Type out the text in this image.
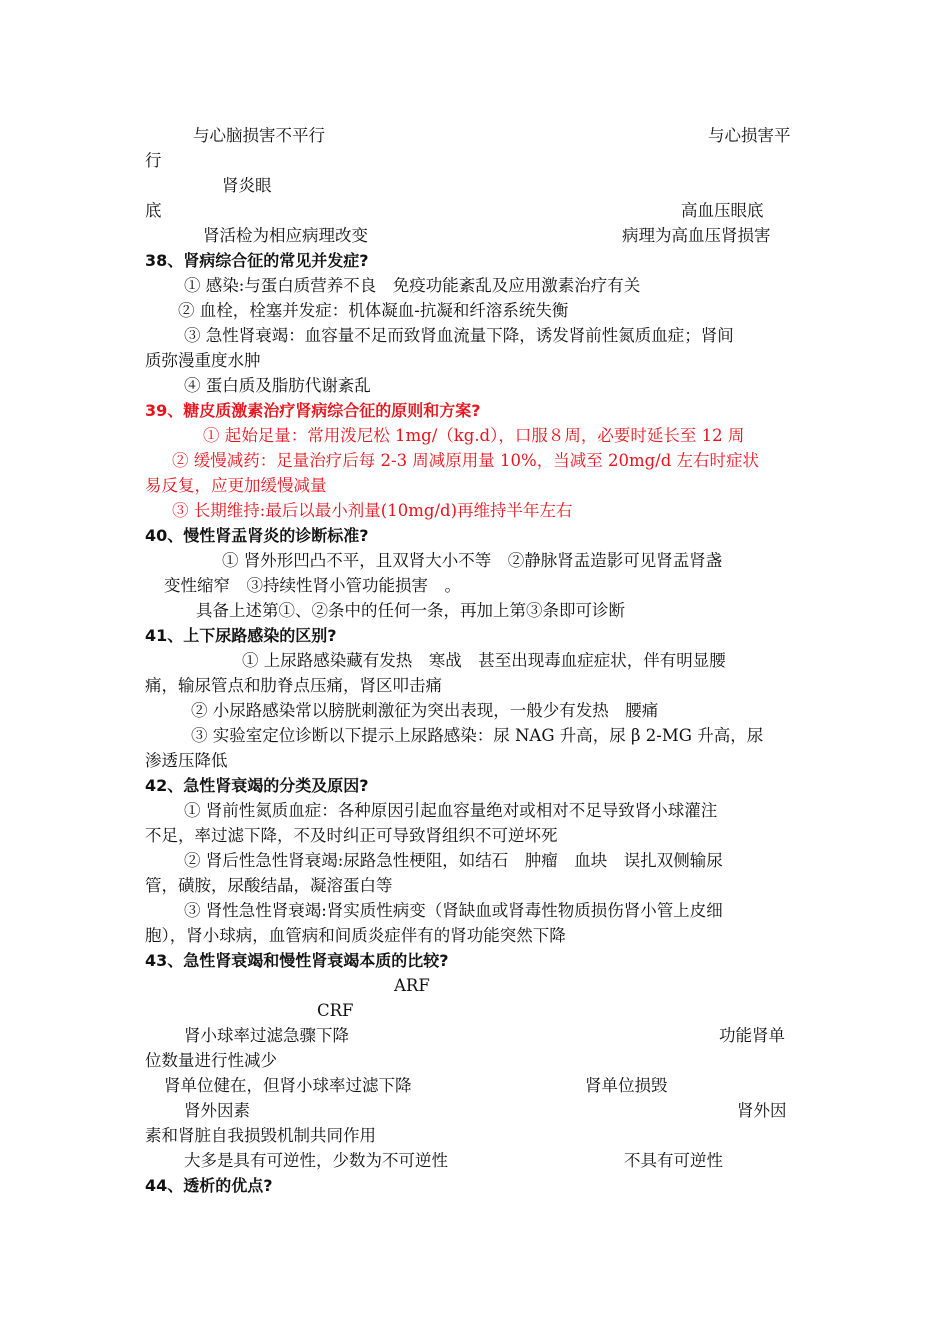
与心脑损害不平行	与心损害平
行
肾炎眼
底	高血压眼底
肾活检为相应病理改变	病理为高血压肾损害
38、肾病综合征的常见并发症?
① 感染:与蛋白质营养不良　免疫功能紊乱及应用激素治疗有关
② 血栓，栓塞并发症：机体凝血-抗凝和纤溶系统失衡
③ 急性肾衰竭：血容量不足而致肾血流量下降，诱发肾前性氮质血症；肾间
质弥漫重度水肿
④ 蛋白质及脂肪代谢紊乱
39、糖皮质激素治疗肾病综合征的原则和方案?
① 起始足量：常用泼尼松 1mg/（kg.d），口服８周，必要时延长至 12 周
② 缓慢减药：足量治疗后每 2-3 周减原用量 10%，当减至 20mg/d 左右时症状
易反复，应更加缓慢减量
③ 长期维持:最后以最小剂量(10mg/d)再维持半年左右
40、慢性肾盂肾炎的诊断标准?
① 肾外形凹凸不平，且双肾大小不等　②静脉肾盂造影可见肾盂肾盏
变性缩窄　③持续性肾小管功能损害　。
具备上述第①、②条中的任何一条，再加上第③条即可诊断
41、上下尿路感染的区别?
① 上尿路感染藏有发热　寒战　甚至出现毒血症症状，伴有明显腰
痛，输尿管点和肋脊点压痛，肾区叩击痛
② 小尿路感染常以膀胱刺激征为突出表现，一般少有发热　腰痛
③ 实验室定位诊断以下提示上尿路感染：尿 NAG 升高，尿 β 2-MG 升高，尿
渗透压降低
42、急性肾衰竭的分类及原因?
① 肾前性氮质血症：各种原因引起血容量绝对或相对不足导致肾小球灌注
不足，率过滤下降，不及时纠正可导致肾组织不可逆坏死
② 肾后性急性肾衰竭:尿路急性梗阻，如结石　肿瘤　血块　误扎双侧输尿
管，磺胺，尿酸结晶，凝溶蛋白等
③ 肾性急性肾衰竭:肾实质性病变（肾缺血或肾毒性物质损伤肾小管上皮细
胞），肾小球病，血管病和间质炎症伴有的肾功能突然下降
43、急性肾衰竭和慢性肾衰竭本质的比较?
ARF
CRF
肾小球率过滤急骤下降	功能肾单
位数量进行性减少
肾单位健在，但肾小球率过滤下降	肾单位损毁
肾外因素	肾外因
素和肾脏自我损毁机制共同作用
大多是具有可逆性，少数为不可逆性	不具有可逆性
44、透析的优点?
